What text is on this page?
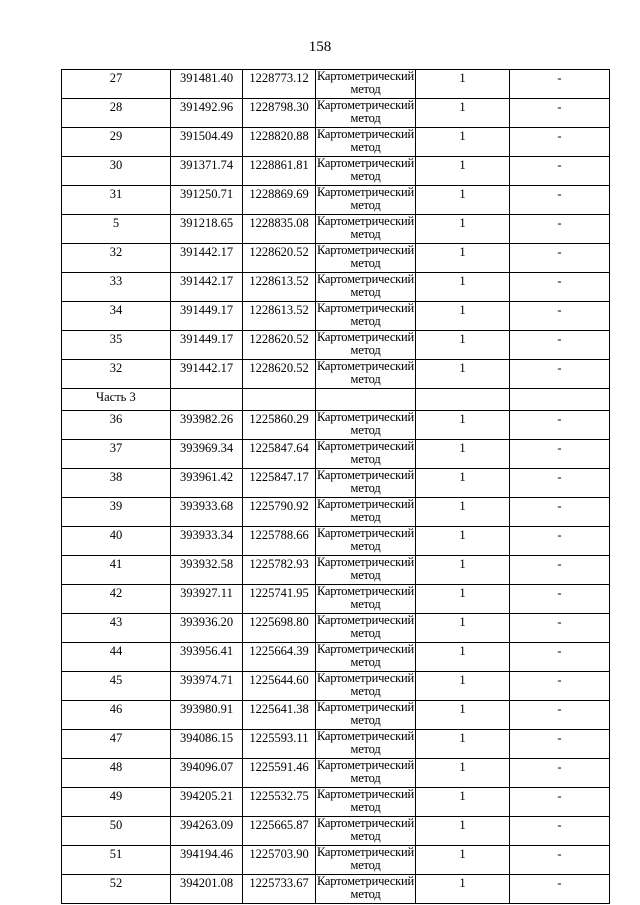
158
27	391481.40	1228773.12	Картометрический метод	1	-
28	391492.96	1228798.30	Картометрический метод	1	-
29	391504.49	1228820.88	Картометрический метод	1	-
30	391371.74	1228861.81	Картометрический метод	1	-
31	391250.71	1228869.69	Картометрический метод	1	-
5	391218.65	1228835.08	Картометрический метод	1	-
32	391442.17	1228620.52	Картометрический метод	1	-
33	391442.17	1228613.52	Картометрический метод	1	-
34	391449.17	1228613.52	Картометрический метод	1	-
35	391449.17	1228620.52	Картометрический метод	1	-
32	391442.17	1228620.52	Картометрический метод	1	-
Часть 3					
36	393982.26	1225860.29	Картометрический метод	1	-
37	393969.34	1225847.64	Картометрический метод	1	-
38	393961.42	1225847.17	Картометрический метод	1	-
39	393933.68	1225790.92	Картометрический метод	1	-
40	393933.34	1225788.66	Картометрический метод	1	-
41	393932.58	1225782.93	Картометрический метод	1	-
42	393927.11	1225741.95	Картометрический метод	1	-
43	393936.20	1225698.80	Картометрический метод	1	-
44	393956.41	1225664.39	Картометрический метод	1	-
45	393974.71	1225644.60	Картометрический метод	1	-
46	393980.91	1225641.38	Картометрический метод	1	-
47	394086.15	1225593.11	Картометрический метод	1	-
48	394096.07	1225591.46	Картометрический метод	1	-
49	394205.21	1225532.75	Картометрический метод	1	-
50	394263.09	1225665.87	Картометрический метод	1	-
51	394194.46	1225703.90	Картометрический метод	1	-
52	394201.08	1225733.67	Картометрический метод	1	-
